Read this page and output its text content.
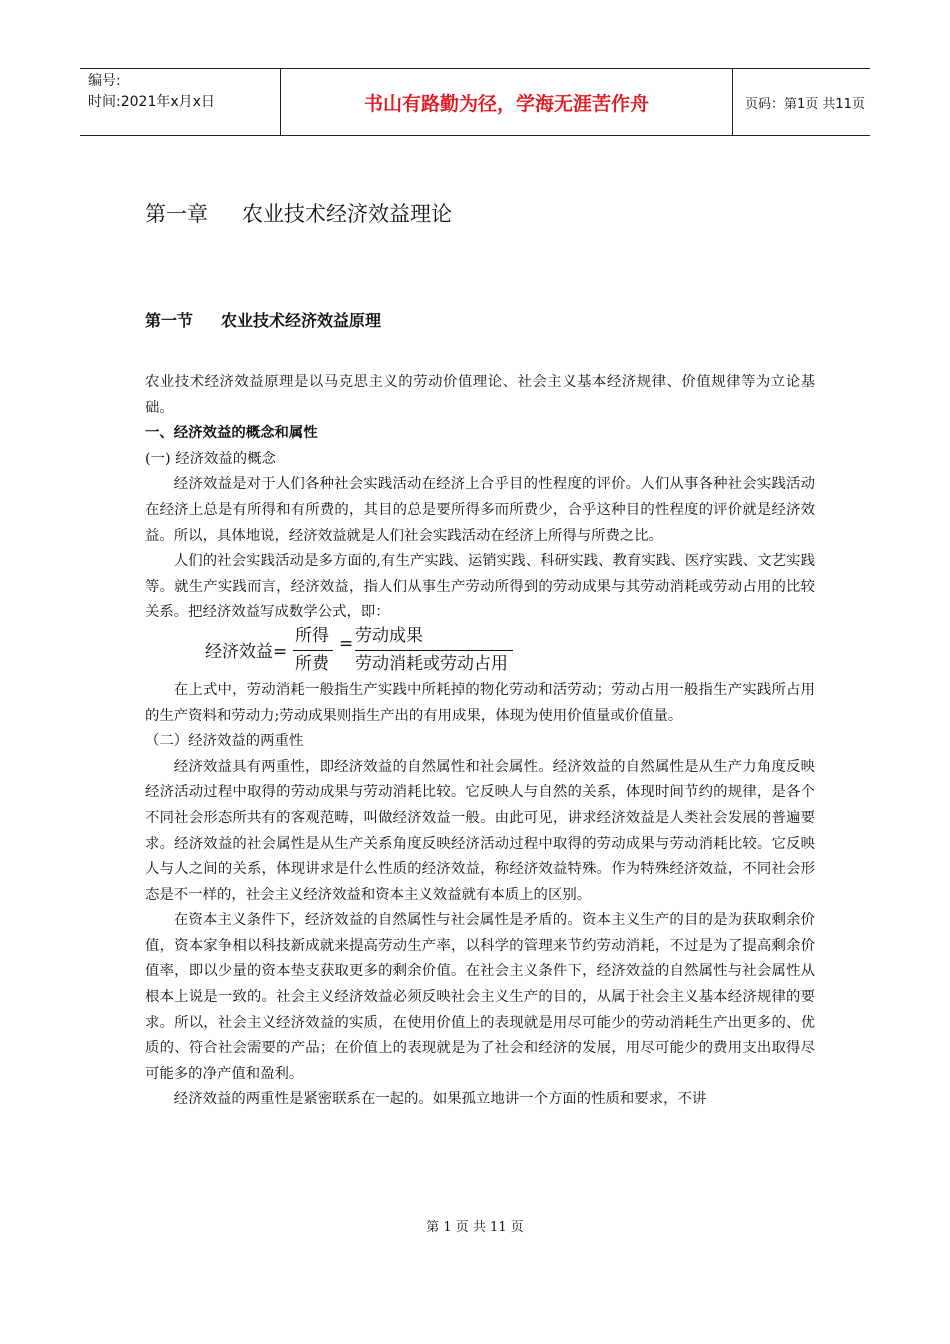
编号:
时间:2021年x月x日	书山有路勤为径，学海无涯苦作舟	页码：第1页 共11页
第一章 农业技术经济效益理论
第一节 农业技术经济效益原理

农业技术经济效益原理是以马克思主义的劳动价值理论、社会主义基本经济规律、价值规律等为立论基础。

一、经济效益的概念和属性

(一) 经济效益的概念

经济效益是对于人们各种社会实践活动在经济上合乎目的性程度的评价。人们从事各种社会实践活动在经济上总是有所得和有所费的，其目的总是要所得多而所费少，合乎这种目的性程度的评价就是经济效益。所以，具体地说，经济效益就是人们社会实践活动在经济上所得与所费之比。

人们的社会实践活动是多方面的,有生产实践、运销实践、科研实践、教育实践、医疗实践、文艺实践等。就生产实践而言，经济效益，指人们从事生产劳动所得到的劳动成果与其劳动消耗或劳动占用的比较关系。把经济效益写成数学公式，即：

经济效益=
所得
所费
= 劳动成果
劳动消耗或劳动占用

在上式中，劳动消耗一般指生产实践中所耗掉的物化劳动和活劳动；劳动占用一般指生产实践所占用的生产资料和劳动力;劳动成果则指生产出的有用成果，体现为使用价值量或价值量。

（二）经济效益的两重性

经济效益具有两重性，即经济效益的自然属性和社会属性。经济效益的自然属性是从生产力角度反映经济活动过程中取得的劳动成果与劳动消耗比较。它反映人与自然的关系，体现时间节约的规律，是各个不同社会形态所共有的客观范畴，叫做经济效益一般。由此可见，讲求经济效益是人类社会发展的普遍要求。经济效益的社会属性是从生产关系角度反映经济活动过程中取得的劳动成果与劳动消耗比较。它反映人与人之间的关系，体现讲求是什么性质的经济效益，称经济效益特殊。作为特殊经济效益，不同社会形态是不一样的，社会主义经济效益和资本主义效益就有本质上的区别。

在资本主义条件下，经济效益的自然属性与社会属性是矛盾的。资本主义生产的目的是为获取剩余价值，资本家争相以科技新成就来提高劳动生产率，以科学的管理来节约劳动消耗，不过是为了提高剩余价值率，即以少量的资本垫支获取更多的剩余价值。在社会主义条件下，经济效益的自然属性与社会属性从根本上说是一致的。社会主义经济效益必须反映社会主义生产的目的，从属于社会主义基本经济规律的要求。所以，社会主义经济效益的实质，在使用价值上的表现就是用尽可能少的劳动消耗生产出更多的、优质的、符合社会需要的产品；在价值上的表现就是为了社会和经济的发展，用尽可能少的费用支出取得尽可能多的净产值和盈利。

经济效益的两重性是紧密联系在一起的。如果孤立地讲一个方面的性质和要求，不讲

第 1 页 共 11 页
